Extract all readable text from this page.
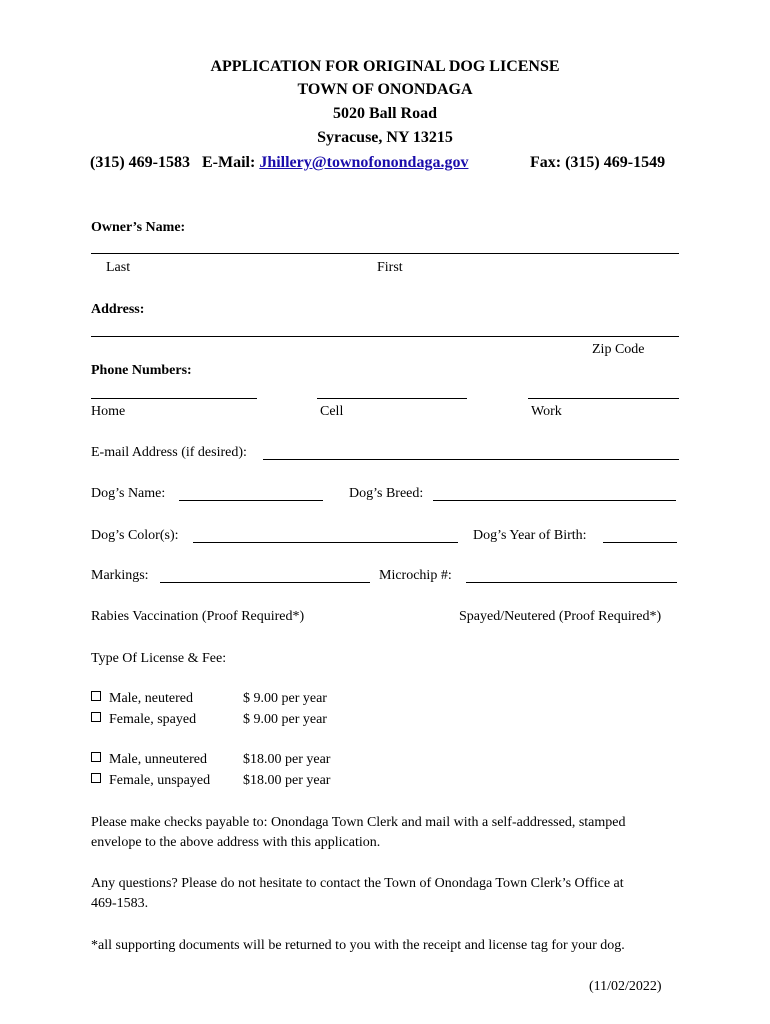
APPLICATION FOR ORIGINAL DOG LICENSE
TOWN OF ONONDAGA
5020 Ball Road
Syracuse, NY 13215
(315) 469-1583 E-Mail: Jhillery@townofonondaga.gov	Fax: (315) 469-1549
Owner’s Name:
Last	First
Address:
Zip Code
Phone Numbers:
Home	Cell	Work
E-mail Address (if desired):
Dog’s Name:	Dog’s Breed:
Dog’s Color(s):	Dog’s Year of Birth:
Markings:	Microchip #:
Rabies Vaccination (Proof Required*)	Spayed/Neutered (Proof Required*)
Type Of License & Fee:
Male, neutered	$ 9.00 per year
Female, spayed	$ 9.00 per year
Male, unneutered	$18.00 per year
Female, unspayed $18.00 per year
Please make checks payable to: Onondaga Town Clerk and mail with a self-addressed, stamped
envelope to the above address with this application.
Any questions? Please do not hesitate to contact the Town of Onondaga Town Clerk’s Office at
469-1583.
*all supporting documents will be returned to you with the receipt and license tag for your dog.
(11/02/2022)
